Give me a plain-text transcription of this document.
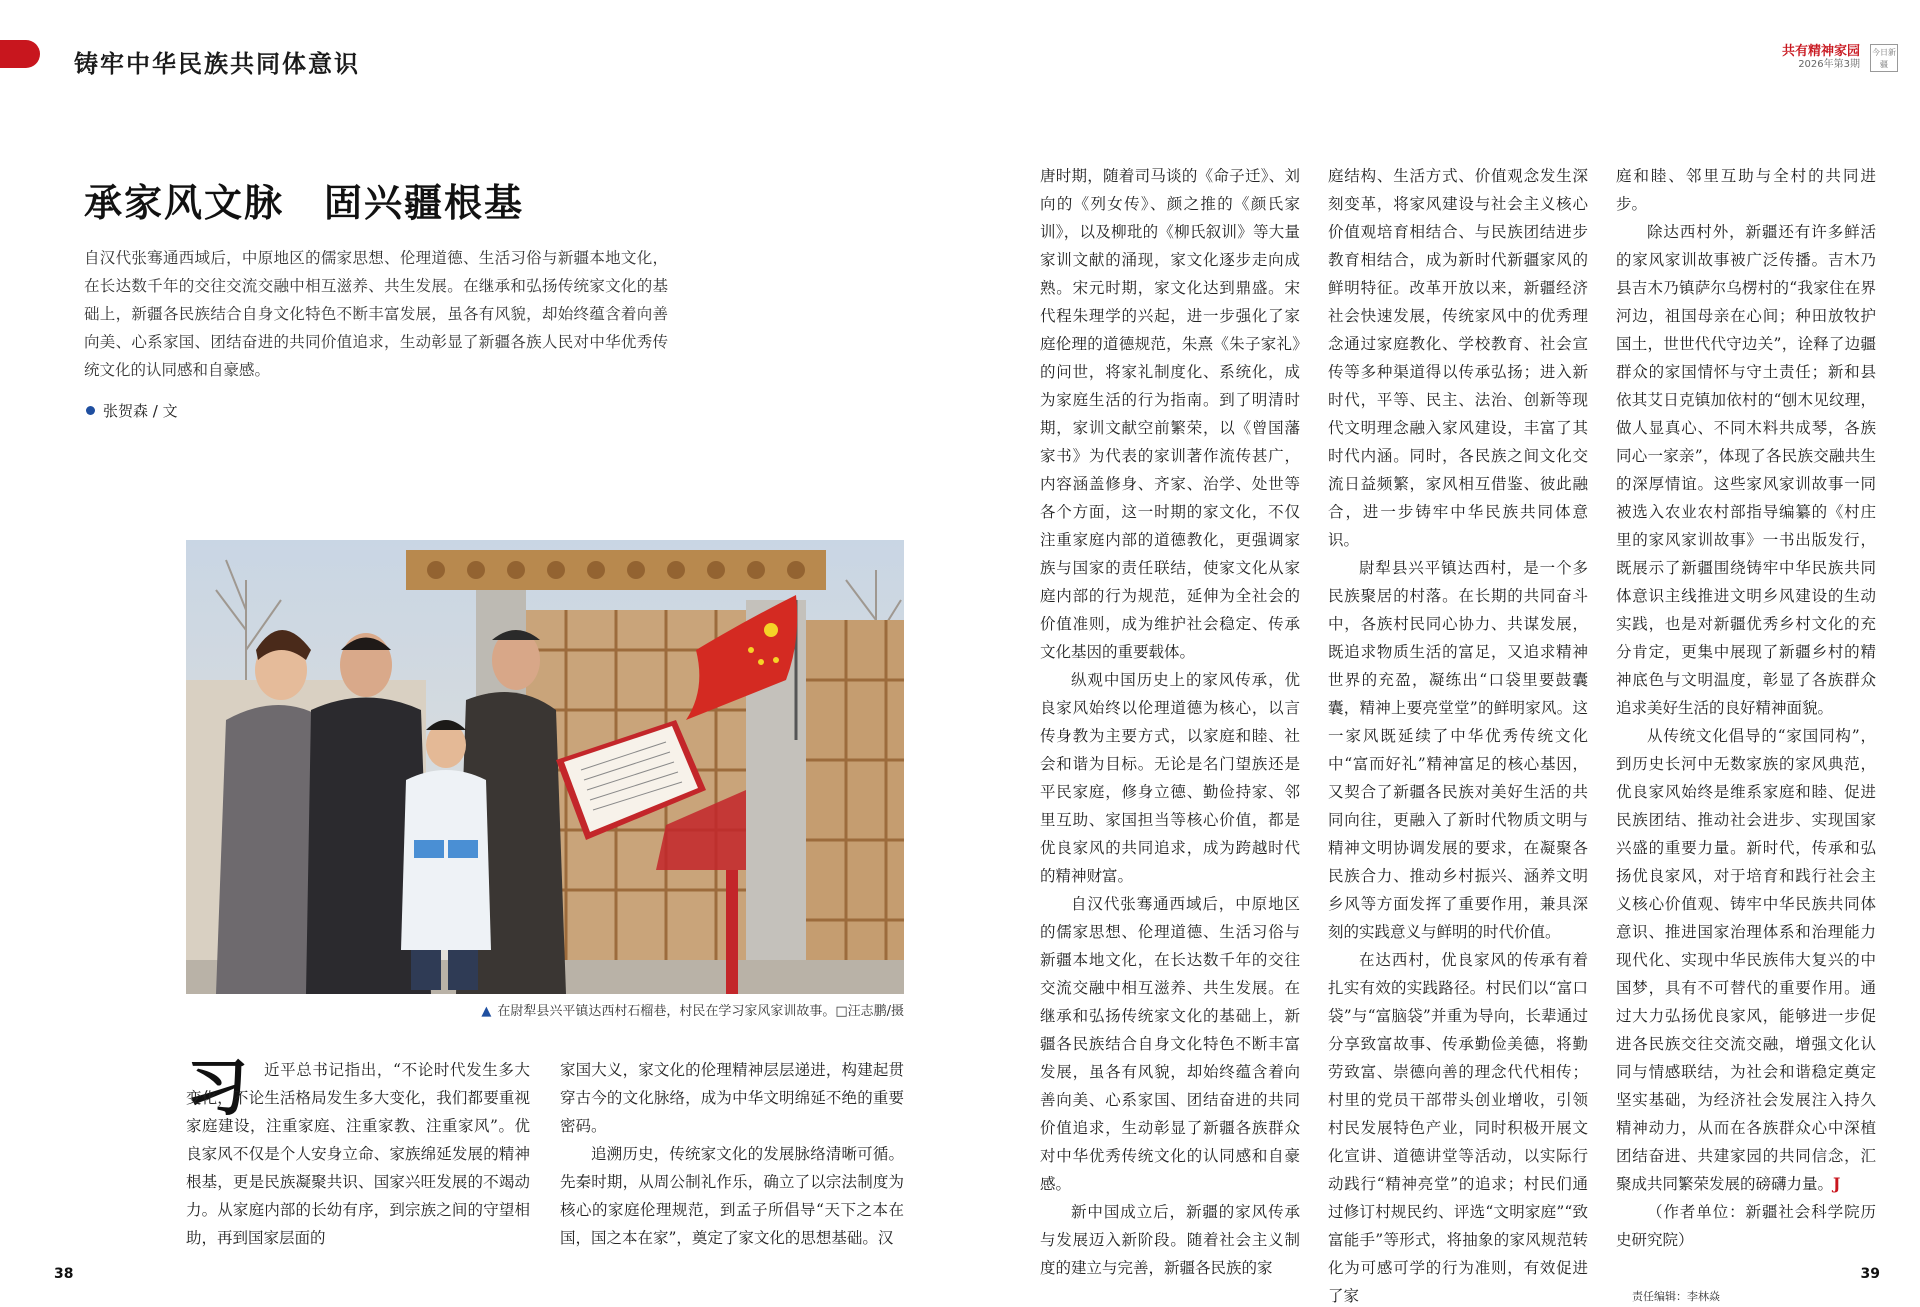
铸牢中华民族共同体意识	共有精神家园
2026年第3期
今日新疆
承家风文脉　固兴疆根基

自汉代张骞通西域后，中原地区的儒家思想、伦理道德、生活习俗与新疆本地文化，在长达数千年的交往交流交融中相互滋养、共生发展。在继承和弘扬传统家文化的基础上，新疆各民族结合自身文化特色不断丰富发展，虽各有风貌，却始终蕴含着向善向美、心系家国、团结奋进的共同价值追求，生动彰显了新疆各族人民对中华优秀传统文化的认同感和自豪感。

张贺森 / 文
▲ 在尉犁县兴平镇达西村石榴巷，村民在学习家风家训故事。□汪志鹏/摄
习	近平总书记指出，“不论时代发生多大变化，不论生活格局发生多大变化，我们都要重视家庭建设，注重家庭、注重家教、注重家风”。优良家风不仅是个人安身立命、家族绵延发展的精神根基，更是民族凝聚共识、国家兴旺发展的不竭动力。从家庭内部的长幼有序，到宗族之间的守望相助，再到国家层面的

家国大义，家文化的伦理精神层层递进，构建起贯穿古今的文化脉络，成为中华文明绵延不绝的重要密码。

追溯历史，传统家文化的发展脉络清晰可循。先秦时期，从周公制礼作乐，确立了以宗法制度为核心的家庭伦理规范，到孟子所倡导“天下之本在国，国之本在家”，奠定了家文化的思想基础。汉

唐时期，随着司马谈的《命子迁》、刘向的《列女传》、颜之推的《颜氏家训》，以及柳玭的《柳氏叙训》等大量家训文献的涌现，家文化逐步走向成熟。宋元时期，家文化达到鼎盛。宋代程朱理学的兴起，进一步强化了家庭伦理的道德规范，朱熹《朱子家礼》的问世，将家礼制度化、系统化，成为家庭生活的行为指南。到了明清时期，家训文献空前繁荣，以《曾国藩家书》为代表的家训著作流传甚广，内容涵盖修身、齐家、治学、处世等各个方面，这一时期的家文化，不仅注重家庭内部的道德教化，更强调家族与国家的责任联结，使家文化从家庭内部的行为规范，延伸为全社会的价值准则，成为维护社会稳定、传承文化基因的重要载体。

纵观中国历史上的家风传承，优良家风始终以伦理道德为核心，以言传身教为主要方式，以家庭和睦、社会和谐为目标。无论是名门望族还是平民家庭，修身立德、勤俭持家、邻里互助、家国担当等核心价值，都是优良家风的共同追求，成为跨越时代的精神财富。

自汉代张骞通西域后，中原地区的儒家思想、伦理道德、生活习俗与新疆本地文化，在长达数千年的交往交流交融中相互滋养、共生发展。在继承和弘扬传统家文化的基础上，新疆各民族结合自身文化特色不断丰富发展，虽各有风貌，却始终蕴含着向善向美、心系家国、团结奋进的共同价值追求，生动彰显了新疆各族群众对中华优秀传统文化的认同感和自豪感。

新中国成立后，新疆的家风传承与发展迈入新阶段。随着社会主义制度的建立与完善，新疆各民族的家

庭结构、生活方式、价值观念发生深刻变革，将家风建设与社会主义核心价值观培育相结合、与民族团结进步教育相结合，成为新时代新疆家风的鲜明特征。改革开放以来，新疆经济社会快速发展，传统家风中的优秀理念通过家庭教化、学校教育、社会宣传等多种渠道得以传承弘扬；进入新时代，平等、民主、法治、创新等现代文明理念融入家风建设，丰富了其时代内涵。同时，各民族之间文化交流日益频繁，家风相互借鉴、彼此融合，进一步铸牢中华民族共同体意识。

尉犁县兴平镇达西村，是一个多民族聚居的村落。在长期的共同奋斗中，各族村民同心协力、共谋发展，既追求物质生活的富足，又追求精神世界的充盈，凝练出“口袋里要鼓囊囊，精神上要亮堂堂”的鲜明家风。这一家风既延续了中华优秀传统文化中“富而好礼”精神富足的核心基因，又契合了新疆各民族对美好生活的共同向往，更融入了新时代物质文明与精神文明协调发展的要求，在凝聚各民族合力、推动乡村振兴、涵养文明乡风等方面发挥了重要作用，兼具深刻的实践意义与鲜明的时代价值。

在达西村，优良家风的传承有着扎实有效的实践路径。村民们以“富口袋”与“富脑袋”并重为导向，长辈通过分享致富故事、传承勤俭美德，将勤劳致富、崇德向善的理念代代相传；村里的党员干部带头创业增收，引领村民发展特色产业，同时积极开展文化宣讲、道德讲堂等活动，以实际行动践行“精神亮堂”的追求；村民们通过修订村规民约、评选“文明家庭”“致富能手”等形式，将抽象的家风规范转化为可感可学的行为准则，有效促进了家

庭和睦、邻里互助与全村的共同进步。

除达西村外，新疆还有许多鲜活的家风家训故事被广泛传播。吉木乃县吉木乃镇萨尔乌楞村的“我家住在界河边，祖国母亲在心间；种田放牧护国土，世世代代守边关”，诠释了边疆群众的家国情怀与守土责任；新和县依其艾日克镇加依村的“刨木见纹理，做人显真心、不同木料共成琴，各族同心一家亲”，体现了各民族交融共生的深厚情谊。这些家风家训故事一同被选入农业农村部指导编纂的《村庄里的家风家训故事》一书出版发行，既展示了新疆围绕铸牢中华民族共同体意识主线推进文明乡风建设的生动实践，也是对新疆优秀乡村文化的充分肯定，更集中展现了新疆乡村的精神底色与文明温度，彰显了各族群众追求美好生活的良好精神面貌。

从传统文化倡导的“家国同构”，到历史长河中无数家族的家风典范，优良家风始终是维系家庭和睦、促进民族团结、推动社会进步、实现国家兴盛的重要力量。新时代，传承和弘扬优良家风，对于培育和践行社会主义核心价值观、铸牢中华民族共同体意识、推进国家治理体系和治理能力现代化、实现中华民族伟大复兴的中国梦，具有不可替代的重要作用。通过大力弘扬优良家风，能够进一步促进各民族交往交流交融，增强文化认同与情感联结，为社会和谐稳定奠定坚实基础，为经济社会发展注入持久精神动力，从而在各族群众心中深植团结奋进、共建家园的共同信念，汇聚成共同繁荣发展的磅礴力量。J

（作者单位：新疆社会科学院历史研究院）

38	39
责任编辑：李林焱
